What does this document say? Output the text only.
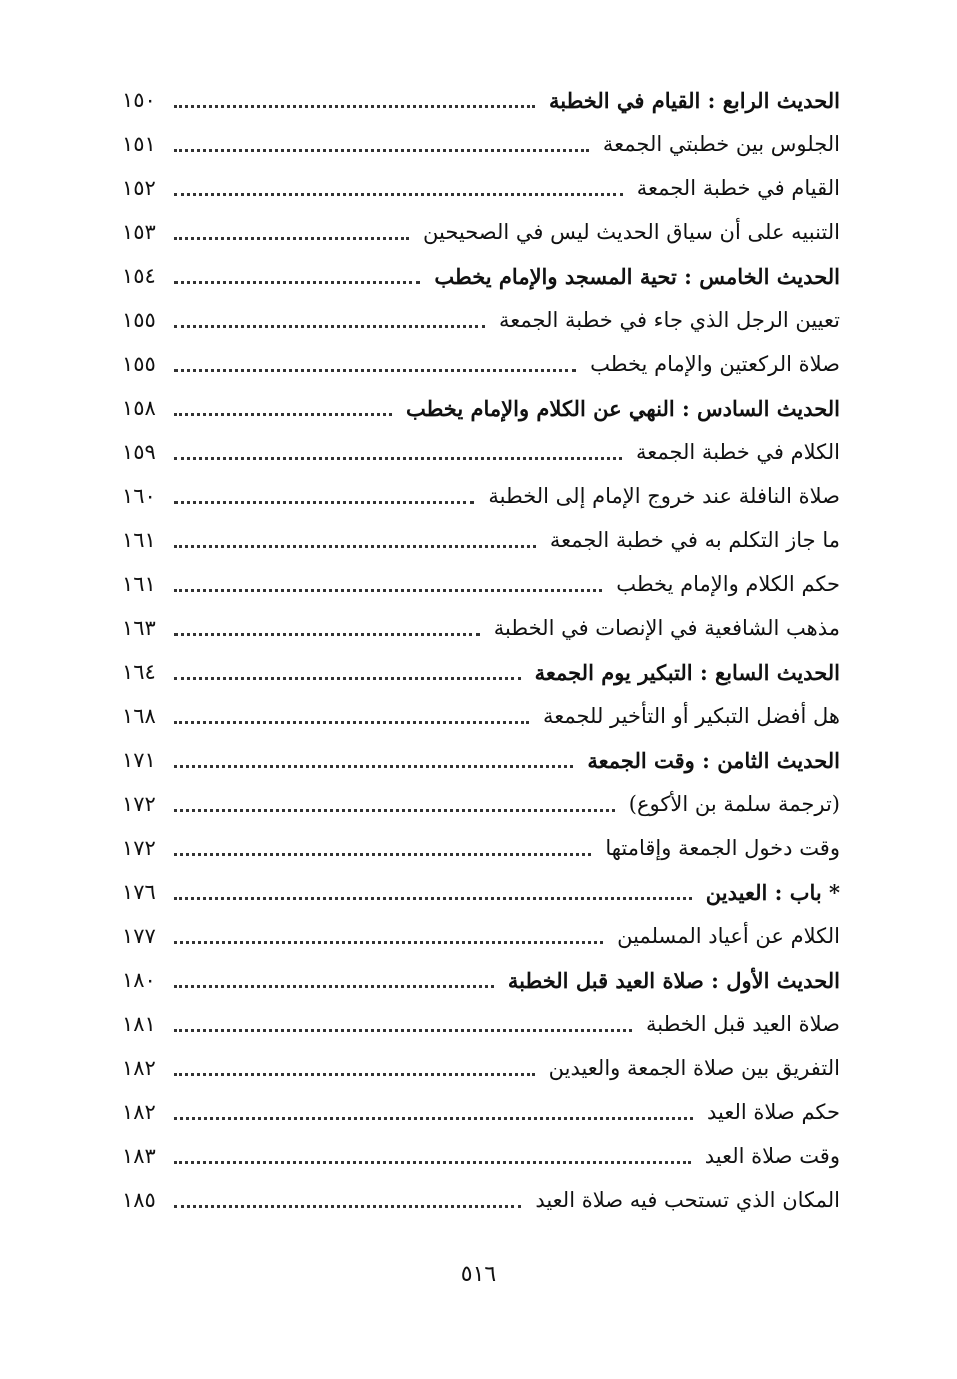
الحديث الرابع : القيام في الخطبة
١٥٠
الجلوس بين خطبتي الجمعة
١٥١
القيام في خطبة الجمعة
١٥٢
التنبيه على أن سياق الحديث ليس في الصحيحين
١٥٣
الحديث الخامس : تحية المسجد والإمام يخطب
١٥٤
تعيين الرجل الذي جاء في خطبة الجمعة
١٥٥
صلاة الركعتين والإمام يخطب
١٥٥
الحديث السادس : النهي عن الكلام والإمام يخطب
١٥٨
الكلام في خطبة الجمعة
١٥٩
صلاة النافلة عند خروج الإمام إلى الخطبة
١٦٠
ما جاز التكلم به في خطبة الجمعة
١٦١
حكم الكلام والإمام يخطب
١٦١
مذهب الشافعية في الإنصات في الخطبة
١٦٣
الحديث السابع : التبكير يوم الجمعة
١٦٤
هل أفضل التبكير أو التأخير للجمعة
١٦٨
الحديث الثامن : وقت الجمعة
١٧١
(ترجمة سلمة بن الأكوع)
١٧٢
وقت دخول الجمعة وإقامتها
١٧٢
* باب : العيدين
١٧٦
الكلام عن أعياد المسلمين
١٧٧
الحديث الأول : صلاة العيد قبل الخطبة
١٨٠
صلاة العيد قبل الخطبة
١٨١
التفريق بين صلاة الجمعة والعيدين
١٨٢
حكم صلاة العيد
١٨٢
وقت صلاة العيد
١٨٣
المكان الذي تستحب فيه صلاة العيد
١٨٥
٥١٦
